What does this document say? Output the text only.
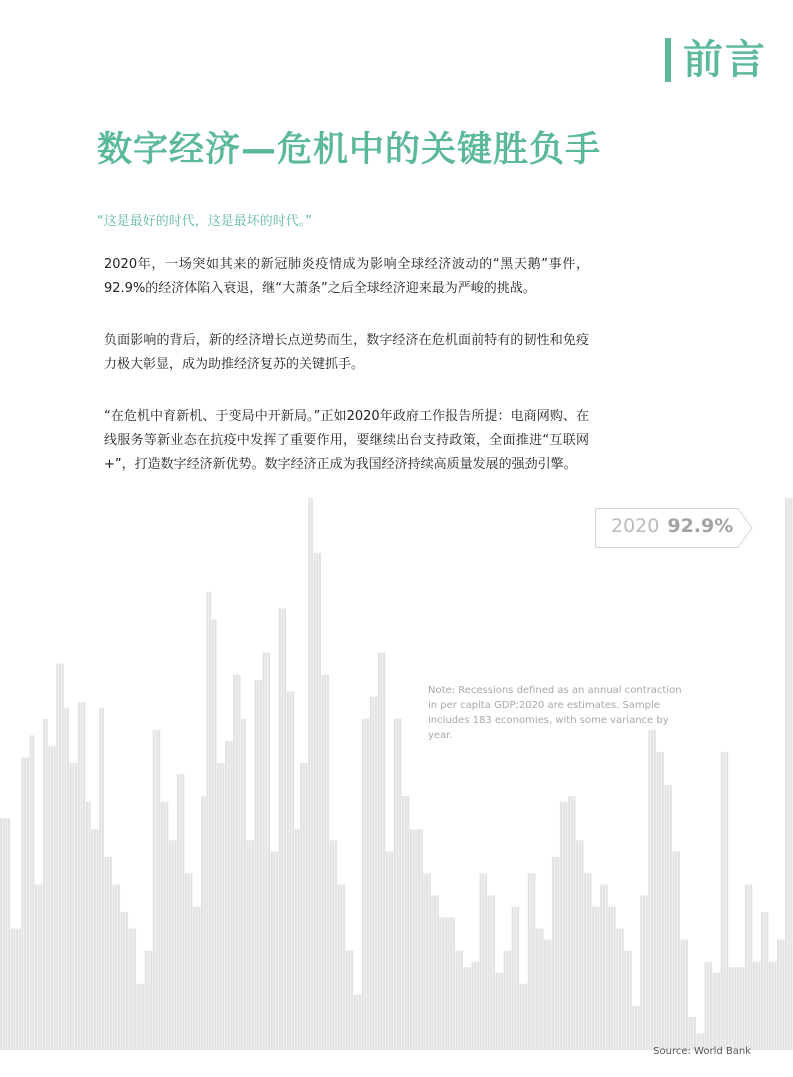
前言
数字经济—危机中的关键胜负手
“这是最好的时代，这是最坏的时代。”
2020年，一场突如其来的新冠肺炎疫情成为影响全球经济波动的“黑天鹅”事件，92.9%的经济体陷入衰退，继“大萧条”之后全球经济迎来最为严峻的挑战。
负面影响的背后，新的经济增长点逆势而生，数字经济在危机面前特有的韧性和免疫力极大彰显，成为助推经济复苏的关键抓手。
“在危机中育新机、于变局中开新局。”正如2020年政府工作报告所提：电商网购、在线服务等新业态在抗疫中发挥了重要作用，要继续出台支持政策，全面推进“互联网+”，打造数字经济新优势。数字经济正成为我国经济持续高质量发展的强劲引擎。
2020 92.9%
Note: Recessions defined as an annual contraction in per capita GDP;2020 are estimates. Sample includes 183 economies, with some variance by year.
Source: World Bank
